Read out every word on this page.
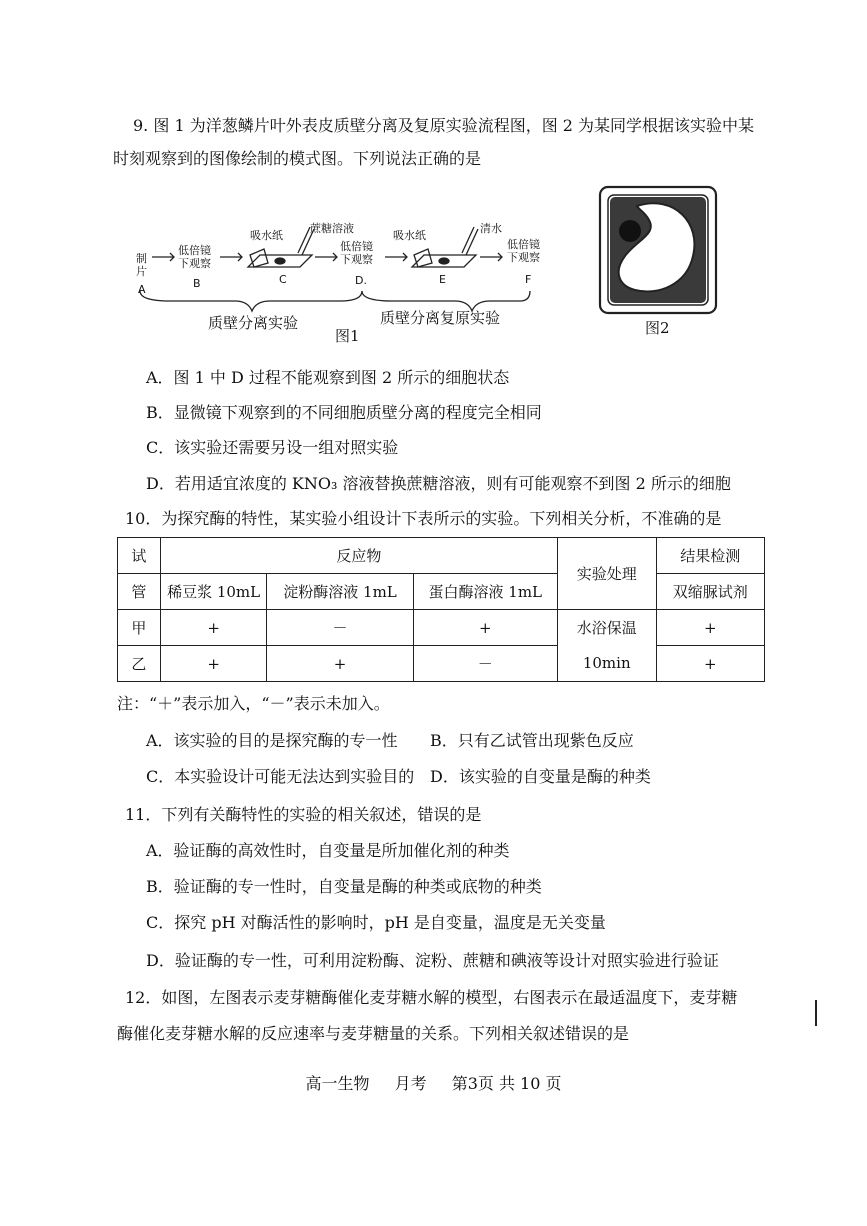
9. 图 1 为洋葱鳞片叶外表皮质壁分离及复原实验流程图，图 2 为某同学根据该实验中某
时刻观察到的图像绘制的模式图。下列说法正确的是
制片
A
低倍镜
下观察
B
吸水纸
蔗糖溶液
C
低倍镜
下观察
D.
吸水纸
清水
E
低倍镜
下观察
F
质壁分离实验	质壁分离复原实验
图1	图2
A．图 1 中 D 过程不能观察到图 2 所示的细胞状态
B．显微镜下观察到的不同细胞质壁分离的程度完全相同
C．该实验还需要另设一组对照实验
D．若用适宜浓度的 KNO₃ 溶液替换蔗糖溶液，则有可能观察不到图 2 所示的细胞
10．为探究酶的特性，某实验小组设计下表所示的实验。下列相关分析，不准确的是
试	反应物			实验处理	结果检测
管	稀豆浆 10mL	淀粉酶溶液 1mL	蛋白酶溶液 1mL		双缩脲试剂
甲	+	－	+	水浴保温	+
乙	+	+	－	10min	+
注：“＋”表示加入，“－”表示未加入。
A．该实验的目的是探究酶的专一性 B．只有乙试管出现紫色反应
C．本实验设计可能无法达到实验目的 D．该实验的自变量是酶的种类
11．下列有关酶特性的实验的相关叙述，错误的是
A．验证酶的高效性时，自变量是所加催化剂的种类
B．验证酶的专一性时，自变量是酶的种类或底物的种类
C．探究 pH 对酶活性的影响时，pH 是自变量，温度是无关变量
D．验证酶的专一性，可利用淀粉酶、淀粉、蔗糖和碘液等设计对照实验进行验证
12．如图，左图表示麦芽糖酶催化麦芽糖水解的模型，右图表示在最适温度下，麦芽糖
酶催化麦芽糖水解的反应速率与麦芽糖量的关系。下列相关叙述错误的是
高一生物 月考 第3页 共 10 页
